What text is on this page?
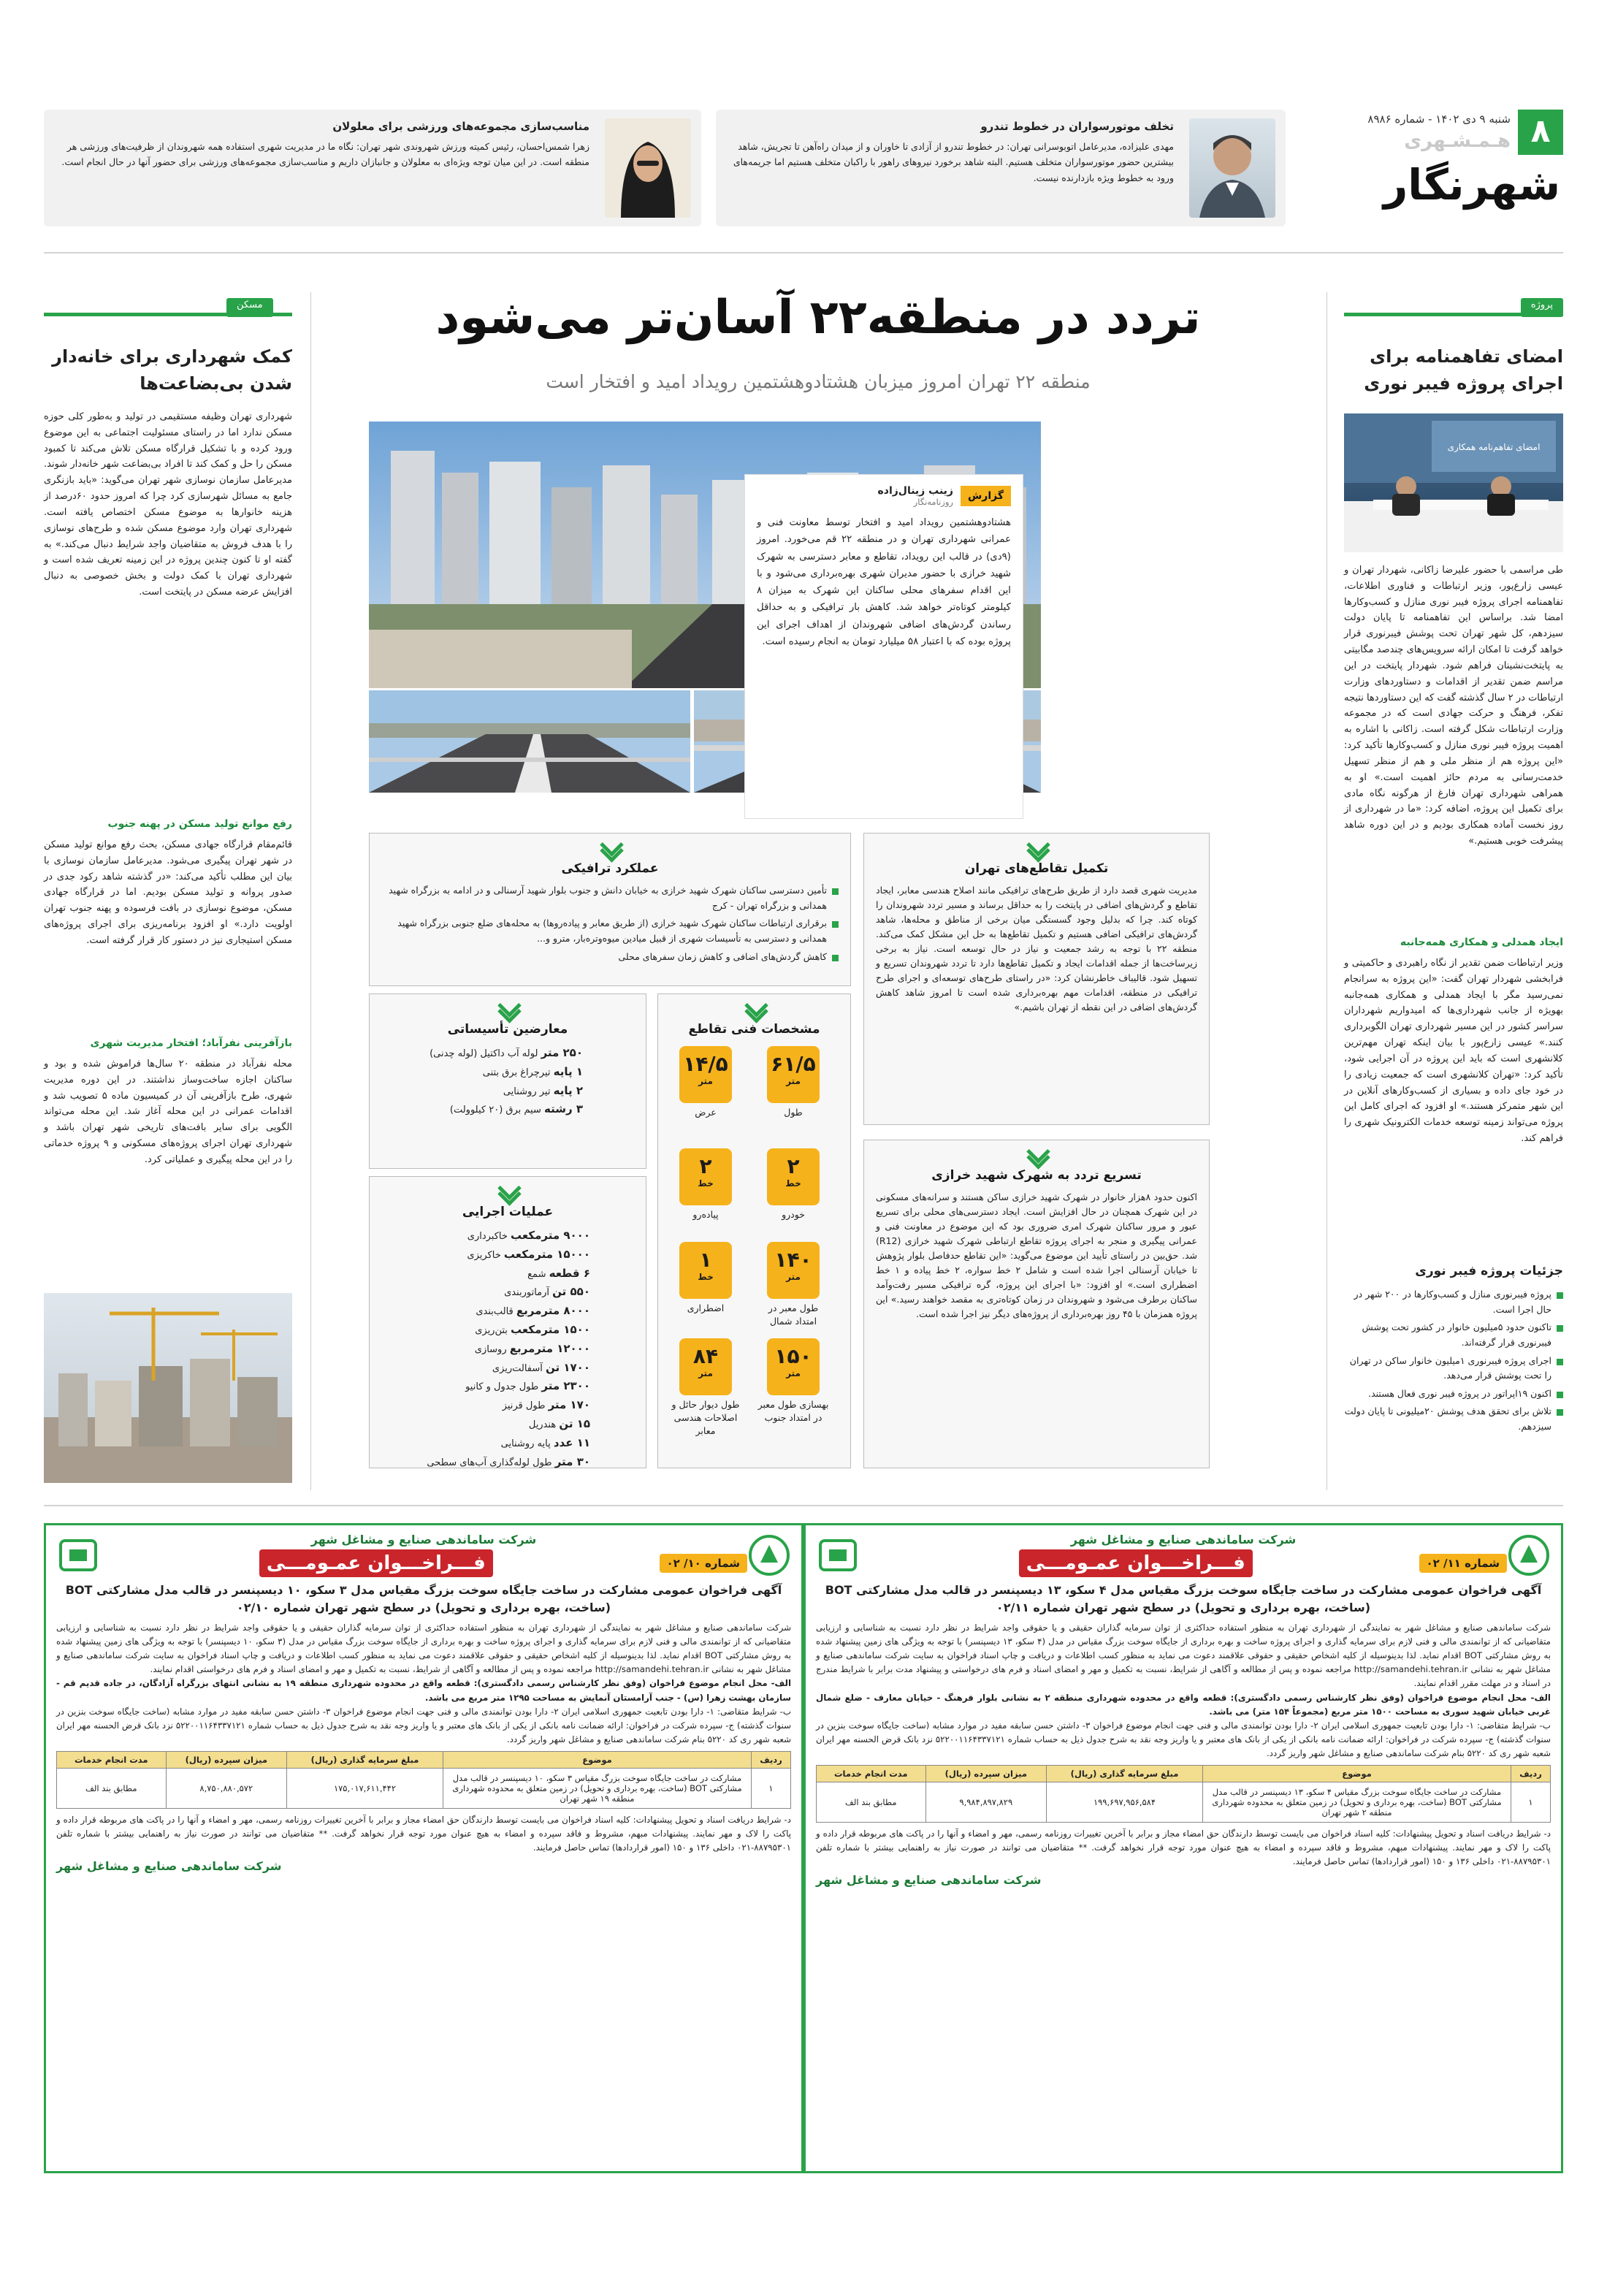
۸
شنبه ۹ دی ۱۴۰۲ - شماره ۸۹۸۶
هـمـشـهری
شهرنگار
تخلف موتورسواران در خطوط تندرو

مهدی علیزاده، مدیرعامل اتوبوسرانی تهران: در خطوط تندرو از آزادی تا خاوران و از میدان راه‌آهن تا تجریش، شاهد بیشترین حضور موتورسواران متخلف هستیم. البته شاهد برخورد نیروهای راهور با راکبان متخلف هستیم اما جریمه‌های ورود به خطوط ویژه بازدارنده نیست.

مناسب‌سازی مجموعه‌های ورزشی برای معلولان

زهرا شمس‌احسان، رئیس کمیته ورزش شهروندی شهر تهران: نگاه ما در مدیریت شهری استفاده همه شهروندان از ظرفیت‌های ورزشی هر منطقه است. در این میان توجه ویژه‌ای به معلولان و جانبازان داریم و مناسب‌سازی مجموعه‌های ورزشی برای حضور آنها در حال انجام است.

پروژه
امضای تفاهمنامه برای اجرای پروژه فیبر نوری
امضای تفاهم‌نامه همکاری

طی مراسمی با حضور علیرضا زاکانی، شهردار تهران و عیسی زارع‌پور، وزیر ارتباطات و فناوری اطلاعات، تفاهمنامه اجرای پروژه فیبر نوری منازل و کسب‌وکارها امضا شد. براساس این تفاهمنامه تا پایان دولت سیزدهم، کل شهر تهران تحت پوشش فیبرنوری قرار خواهد گرفت تا امکان ارائه سرویس‌های چندصد مگابیتی به پایتخت‌نشینان فراهم شود. شهردار پایتخت در این مراسم ضمن تقدیر از اقدامات و دستاوردهای وزارت ارتباطات در ۲ سال گذشته گفت که این دستاوردها نتیجه تفکر، فرهنگ و حرکت جهادی است که در مجموعه وزارت ارتباطات شکل گرفته است. زاکانی با اشاره به اهمیت پروژه فیبر نوری منازل و کسب‌وکارها تأکید کرد: «این پروژه هم از منظر ملی و هم از منظر تسهیل خدمت‌رسانی به مردم حائز اهمیت است.» او به همراهی شهرداری تهران فارغ از هرگونه نگاه مادی برای تکمیل این پروژه، اضافه کرد: «ما در شهرداری از روز نخست آماده همکاری بودیم و در این دوره شاهد پیشرفت خوبی هستیم.»

ایجاد همدلی و همکاری همه‌جانبه

وزیر ارتباطات ضمن تقدیر از نگاه راهبردی و حاکمیتی و فرابخشی شهردار تهران گفت: «این پروژه به سرانجام نمی‌رسید مگر با ایجاد همدلی و همکاری همه‌جانبه بهویژه از جانب شهرداری‌ها که امیدواریم شهرداران سراسر کشور در این مسیر شهرداری تهران الگوبرداری کنند.» عیسی زارع‌پور با بیان اینکه تهران مهم‌ترین کلانشهری است که باید این پروژه در آن اجرایی شود، تأکید کرد: «تهران کلانشهری است که جمعیت زیادی را در خود جای داده و بسیاری از کسب‌وکارهای آنلاین در این شهر متمرکز هستند.» او افزود که اجرای کامل این پروژه می‌تواند زمینه توسعه خدمات الکترونیک شهری را فراهم کند.

جزئیات پروژه فیبر نوری
پروژه فیبرنوری منازل و کسب‌وکارها در ۲۰۰ شهر در حال اجرا است.
تاکنون حدود ۵میلیون خانوار در کشور تحت پوشش فیبرنوری قرار گرفته‌اند.
اجرای پروژه فیبرنوری ۱میلیون خانوار ساکن در تهران را تحت پوشش قرار می‌دهد.
اکنون ۱۹اپراتور در پروژه فیبر نوری فعال هستند.
تلاش برای تحقق هدف پوشش ۲۰میلیونی تا پایان دولت سیزدهم.
مسکن
کمک شهرداری برای خانه‌دار شدن بی‌بضاعت‌ها

شهرداری تهران وظیفه مستقیمی در تولید و به‌طور کلی حوزه مسکن ندارد اما در راستای مسئولیت اجتماعی به این موضوع ورود کرده و با تشکیل قرارگاه مسکن تلاش می‌کند تا کمبود مسکن را حل و کمک کند تا افراد بی‌بضاعت شهر خانه‌دار شوند. مدیرعامل سازمان نوسازی شهر تهران می‌گوید: «باید بازنگری جامع به مسائل شهرسازی کرد چرا که امروز حدود ۶۰درصد از هزینه خانوارها به موضوع مسکن اختصاص یافته است. شهرداری تهران وارد موضوع مسکن شده و طرح‌های نوسازی را با هدف فروش به متقاضیان واجد شرایط دنبال می‌کند.» به گفته او تا کنون چندین پروژه در این زمینه تعریف شده است و شهرداری تهران با کمک دولت و بخش خصوصی به دنبال افزایش عرضه مسکن در پایتخت است.

رفع موانع تولید مسکن در پهنه جنوب

قائم‌مقام قرارگاه جهادی مسکن، بحث رفع موانع تولید مسکن در شهر تهران پیگیری می‌شود. مدیرعامل سازمان نوسازی با بیان این مطلب تأکید می‌کند: «در گذشته شاهد رکود جدی در صدور پروانه و تولید مسکن بودیم. اما در قرارگاه جهادی مسکن، موضوع نوسازی در بافت فرسوده و پهنه جنوب تهران اولویت دارد.» او افزود برنامه‌ریزی برای اجرای پروژه‌های مسکن استیجاری نیز در دستور کار قرار گرفته است.

بازآفرینی نفرآباد؛ افتخار مدیریت شهری

محله نفرآباد در منطقه ۲۰ سال‌ها فراموش شده و بود و ساکنان اجازه ساخت‌وساز نداشتند. در این دوره مدیریت شهری، طرح بازآفرینی آن در کمیسیون ماده ۵ تصویب شد و اقدامات عمرانی در این محله آغاز شد. این محله می‌تواند الگویی برای سایر بافت‌های تاریخی شهر تهران باشد و شهرداری تهران اجرای پروژه‌های مسکونی و ۹ پروژه خدماتی را در این محله پیگیری و عملیاتی کرد.

تردد در منطقه۲۲ آسان‌تر می‌شود
منطقه ۲۲ تهران امروز میزبان هشتادوهشتمین رویداد امید و افتخار است
گزارش
زینب زینال‌زاده
روزنامه‌نگار

هشتادوهشتمین رویداد امید و افتخار توسط معاونت فنی و عمرانی شهرداری تهران و در منطقه ۲۲ قم می‌خورد. امروز (۹دی) در قالب این رویداد، تقاطع و معابر دسترسی به شهرک شهید خرازی با حضور مدیران شهری بهره‌برداری می‌شود و با این اقدام سفرهای محلی ساکنان این شهرک به میزان ۸ کیلومتر کوتاه‌تر خواهد شد. کاهش بار ترافیکی و به حداقل رساندن گردش‌های اضافی شهروندان از اهداف اجرای این پروژه بوده که با اعتبار ۵۸ میلیارد تومان به انجام رسیده است.

تکمیل تقاطع‌های تهران

مدیریت شهری قصد دارد از طریق طرح‌های ترافیکی مانند اصلاح هندسی معابر، ایجاد تقاطع و گردش‌های اضافی در پایتخت را به حداقل برساند و مسیر تردد شهروندان را کوتاه کند. چرا که بدلیل وجود گسستگی میان برخی از مناطق و محله‌ها، شاهد گردش‌های ترافیکی اضافی هستیم و تکمیل تقاطع‌ها به حل این مشکل کمک می‌کند. منطقه ۲۲ با توجه به رشد جمعیت و نیاز در حال توسعه است. نیاز به برخی زیرساخت‌ها از جمله اقدامات ایجاد و تکمیل تقاطع‌ها دارد تا تردد شهروندان تسریع و تسهیل شود. قالیباف خاطرنشان کرد: «در راستای طرح‌های توسعه‌ای و اجرای طرح ترافیکی در منطقه، اقدامات مهم بهره‌برداری شده است تا امروز شاهد کاهش گردش‌های اضافی در این نقطه از تهران باشیم.»

عملکرد ترافیکی
تأمین دسترسی ساکنان شهرک شهید خرازی به خیابان دانش و جنوب بلوار شهید آرسنالی و در ادامه به بزرگراه شهید همدانی و بزرگراه تهران - کرج
برقراری ارتباطات ساکنان شهرک شهید خرازی (از طریق معابر و پیاده‌روها) به محله‌های ضلع جنوبی بزرگراه شهید همدانی و دسترسی به تأسیسات شهری از قبیل میادین میوه‌وتره‌بار، مترو و...
کاهش گردش‌های اضافی و کاهش زمان سفرهای محلی
مشخصات فنی تقاطع
۶۱/۵
متر
طول
۱۴/۵
متر
عرض
۲
خط
خودرو
۲
خط
پیاده‌رو
۱۴۰
متر
طول معبر در امتداد شمال
۱
خط
اضطراری
۱۵۰
متر
بهسازی طول معبر در امتداد جنوب
۸۴
متر
طول دیوار حائل و اصلاحات هندسی معابر
معارضین تأسیساتی
۲۵۰ متر لوله آب داکتیل (لوله چدنی)
۱ پایه تیرچراغ برق بتنی
۲ پایه تیر روشنایی
۳ رشته سیم برق (۲۰ کیلوولت)
عملیات اجرایی
۹۰۰۰ مترمکعب خاکبرداری
۱۵۰۰۰ مترمکعب خاکریزی
۶ قطعه شمع
۵۵۰ تن آرماتوربندی
۸۰۰۰ مترمربع قالب‌بندی
۱۵۰۰ مترمکعب بتن‌ریزی
۱۲۰۰۰ مترمربع روسازی
۱۷۰۰ تن آسفالت‌ریزی
۲۳۰۰ متر طول جدول و کانیو
۱۷۰ متر طول قرنیز
۱۵ تن هندریل
۱۱ عدد پایه روشنایی
۳۰ متر طول لوله‌گذاری آب‌های سطحی
تسریع تردد به شهرک شهید خرازی

اکنون حدود ۸هزار خانوار در شهرک شهید خرازی ساکن هستند و سرانه‌های مسکونی در این شهرک همچنان در حال افزایش است. ایجاد دسترسی‌های محلی برای تسریع عبور و مرور ساکنان شهرک امری ضروری بود که این موضوع در معاونت فنی و عمرانی پیگیری و منجر به اجرای پروژه تقاطع ارتباطی شهرک شهید خرازی (R12) شد. حق‌بین در راستای تأیید این موضوع می‌گوید: «این تقاطع حدفاصل بلوار پژوهش تا خیابان آرسنالی اجرا شده است و شامل ۲ خط سواره، ۲ خط پیاده و ۱ خط اضطراری است.» او افزود: «با اجرای این پروژه، گره ترافیکی مسیر رفت‌وآمد ساکنان برطرف می‌شود و شهروندان در زمان کوتاه‌تری به مقصد خواهند رسید.» این پروژه همزمان با ۴۵ روز بهره‌برداری از پروژه‌های دیگر نیز اجرا شده است.

شرکت ساماندهی صنایع و مشاغل شهر
شماره ۱۱/ ۰۲
فـــراخـــوان عمـومـــی
آگهی فراخوان عمومی مشارکت در ساخت جایگاه سوخت بزرگ مقیاس مدل ۴ سکو، ۱۳ دیسپنسر در قالب مدل مشارکتی BOT (ساخت، بهره برداری و تحویل) در سطح شهر تهران شماره ۰۲/۱۱

شرکت ساماندهی صنایع و مشاغل شهر به نمایندگی از شهرداری تهران به منظور استفاده حداکثری از توان سرمایه گذاران حقیقی و یا حقوقی واجد شرایط در نظر دارد نسبت به شناسایی و ارزیابی متقاضیانی که از توانمندی مالی و فنی لازم برای سرمایه گذاری و اجرای پروژه ساخت و بهره برداری از جایگاه سوخت بزرگ مقیاس در مدل (۴ سکو، ۱۳ دیسپنسر) با توجه به ویژگی های زمین پیشنهاد شده به روش مشارکتی BOT اقدام نماید. لذا بدینوسیله از کلیه اشخاص حقیقی و حقوقی علاقمند دعوت می نماید به منظور کسب اطلاعات و دریافت و چاپ اسناد فراخوان به سایت شرکت ساماندهی صنایع و مشاغل شهر به نشانی http://samandehi.tehran.ir مراجعه نموده و پس از مطالعه و آگاهی از شرایط، نسبت به تکمیل و مهر و امضای اسناد و فرم های درخواستی و پیشنهاد مدت برابر با شرایط مندرج در اسناد و در مهلت مقرر اقدام نمایند.

الف- محل انجام موضوع فراخوان (وفق نظر کارشناس رسمی دادگستری): قطعه واقع در محدوده شهرداری منطقه ۲ به نشانی بلوار فرهنگ - خیابان معارف - ضلع شمال غربی خیابان شهید سوری به مساحت ۱۵۰۰ متر مربع (مجموعاً ۱۵۴ متر) می باشد.

ب- شرایط متقاضی: ۱- دارا بودن تابعیت جمهوری اسلامی ایران ۲- دارا بودن توانمندی مالی و فنی جهت انجام موضوع فراخوان ۳- داشتن حسن سابقه مفید در موارد مشابه (ساخت جایگاه سوخت بنزین در سنوات گذشته) ج- سپرده شرکت در فراخوان: ارائه ضمانت نامه بانکی از یکی از بانک های معتبر و یا واریز وجه نقد به شرح جدول ذیل به حساب شماره ۵۲۲۰۰۱۱۶۴۳۳۷۱۲۱ نزد بانک قرض الحسنه مهر ایران شعبه شهر ری کد ۵۲۲۰ بنام شرکت ساماندهی صنایع و مشاغل شهر واریز گردد.

ردیف	موضوع	مبلغ سرمایه گذاری (ریال)	میزان سپرده (ریال)	مدت انجام خدمات
۱	مشارکت در ساخت جایگاه سوخت بزرگ مقیاس ۴ سکو، ۱۳ دیسپنسر در قالب مدل مشارکتی BOT (ساخت، بهره برداری و تحویل) در زمین متعلق به محدوده شهرداری منطقه ۲ شهر تهران	۱۹۹,۶۹۷,۹۵۶,۵۸۴	۹,۹۸۴,۸۹۷,۸۲۹	مطابق بند الف

د- شرایط دریافت اسناد و تحویل پیشنهادات: کلیه اسناد فراخوان می بایست توسط دارندگان حق امضاء مجاز و برابر با آخرین تغییرات روزنامه رسمی، مهر و امضاء و آنها را در پاکت های مربوطه قرار داده و پاکت را لاک و مهر نمایند. پیشنهادات مبهم، مشروط و فاقد سپرده و امضاء به هیچ عنوان مورد توجه قرار نخواهد گرفت. ** متقاضیان می توانند در صورت نیاز به راهنمایی بیشتر با شماره تلفن ۸۸۷۹۵۳۰۱-۰۲۱ داخلی ۱۳۶ و ۱۵۰ (امور قراردادها) تماس حاصل فرمایند.

شرکت ساماندهی صنایع و مشاغل شهر
شرکت ساماندهی صنایع و مشاغل شهر
شماره ۱۰/ ۰۲
فـــراخـــوان عمـومـــی
آگهی فراخوان عمومی مشارکت در ساخت جایگاه سوخت بزرگ مقیاس مدل ۳ سکو، ۱۰ دیسپنسر در قالب مدل مشارکتی BOT (ساخت، بهره برداری و تحویل) در سطح شهر تهران شماره ۰۲/۱۰

شرکت ساماندهی صنایع و مشاغل شهر به نمایندگی از شهرداری تهران به منظور استفاده حداکثری از توان سرمایه گذاران حقیقی و یا حقوقی واجد شرایط در نظر دارد نسبت به شناسایی و ارزیابی متقاضیانی که از توانمندی مالی و فنی لازم برای سرمایه گذاری و اجرای پروژه ساخت و بهره برداری از جایگاه سوخت بزرگ مقیاس در مدل (۳ سکو، ۱۰ دیسپنسر) با توجه به ویژگی های زمین پیشنهاد شده به روش مشارکتی BOT اقدام نماید. لذا بدینوسیله از کلیه اشخاص حقیقی و حقوقی علاقمند دعوت می نماید به منظور کسب اطلاعات و دریافت و چاپ اسناد فراخوان به سایت شرکت ساماندهی صنایع و مشاغل شهر به نشانی http://samandehi.tehran.ir مراجعه نموده و پس از مطالعه و آگاهی از شرایط، نسبت به تکمیل و مهر و امضای اسناد و فرم های درخواستی اقدام نمایند.

الف- محل انجام موضوع فراخوان (وفق نظر کارشناس رسمی دادگستری): قطعه واقع در محدوده شهرداری منطقه ۱۹ به نشانی انتهای بزرگراه آزادگان، در جاده قدیم قم - سازمان بهشت زهرا (س) - جنب آرامستان آنمایش به مساحت ۱۲۹۵ متر مربع می باشد.

ب- شرایط متقاضی: ۱- دارا بودن تابعیت جمهوری اسلامی ایران ۲- دارا بودن توانمندی مالی و فنی جهت انجام موضوع فراخوان ۳- داشتن حسن سابقه مفید در موارد مشابه (ساخت جایگاه سوخت بنزین در سنوات گذشته) ج- سپرده شرکت در فراخوان: ارائه ضمانت نامه بانکی از یکی از بانک های معتبر و یا واریز وجه نقد به شرح جدول ذیل به حساب شماره ۵۲۲۰۰۱۱۶۴۳۳۷۱۲۱ نزد بانک قرض الحسنه مهر ایران شعبه شهر ری کد ۵۲۲۰ بنام شرکت ساماندهی صنایع و مشاغل شهر واریز گردد.

ردیف	موضوع	مبلغ سرمایه گذاری (ریال)	میزان سپرده (ریال)	مدت انجام خدمات
۱	مشارکت در ساخت جایگاه سوخت بزرگ مقیاس ۳ سکو، ۱۰ دیسپنسر در قالب مدل مشارکتی BOT (ساخت، بهره برداری و تحویل) در زمین متعلق به محدوده شهرداری منطقه ۱۹ شهر تهران	۱۷۵,۰۱۷,۶۱۱,۴۴۲	۸,۷۵۰,۸۸۰,۵۷۲	مطابق بند الف

د- شرایط دریافت اسناد و تحویل پیشنهادات: کلیه اسناد فراخوان می بایست توسط دارندگان حق امضاء مجاز و برابر با آخرین تغییرات روزنامه رسمی، مهر و امضاء و آنها را در پاکت های مربوطه قرار داده و پاکت را لاک و مهر نمایند. پیشنهادات مبهم، مشروط و فاقد سپرده و امضاء به هیچ عنوان مورد توجه قرار نخواهد گرفت. ** متقاضیان می توانند در صورت نیاز به راهنمایی بیشتر با شماره تلفن ۸۸۷۹۵۳۰۱-۰۲۱ داخلی ۱۳۶ و ۱۵۰ (امور قراردادها) تماس حاصل فرمایند.

شرکت ساماندهی صنایع و مشاغل شهر
